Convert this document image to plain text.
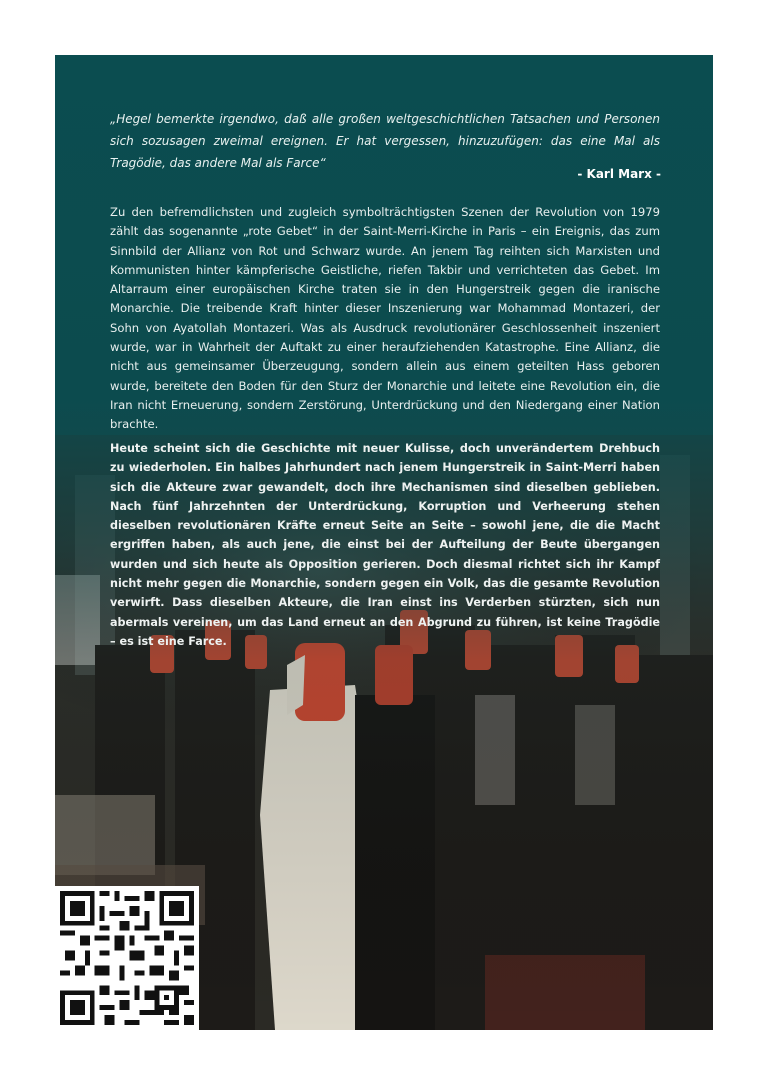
„Hegel bemerkte irgendwo, daß alle großen weltgeschichtlichen Tatsachen und Personen sich sozusagen zweimal ereignen. Er hat vergessen, hinzuzufügen: das eine Mal als Tragödie, das andere Mal als Farce“

- Karl Marx -

Zu den befremdlichsten und zugleich symbolträchtigsten Szenen der Revolution von 1979 zählt das sogenannte „rote Gebet“ in der Saint-Merri-Kirche in Paris – ein Ereignis, das zum Sinnbild der Allianz von Rot und Schwarz wurde. An jenem Tag reihten sich Marxisten und Kommunisten hinter kämpferische Geistliche, riefen Takbir und verrichteten das Gebet. Im Altarraum einer europäischen Kirche traten sie in den Hungerstreik gegen die iranische Monarchie. Die treibende Kraft hinter dieser Inszenierung war Mohammad Montazeri, der Sohn von Ayatollah Montazeri. Was als Ausdruck revolutionärer Geschlossenheit inszeniert wurde, war in Wahrheit der Auftakt zu einer heraufziehenden Katastrophe. Eine Allianz, die nicht aus gemeinsamer Überzeugung, sondern allein aus einem geteilten Hass geboren wurde, bereitete den Boden für den Sturz der Monarchie und leitete eine Revolution ein, die Iran nicht Erneuerung, sondern Zerstörung, Unterdrückung und den Niedergang einer Nation brachte.

Heute scheint sich die Geschichte mit neuer Kulisse, doch unverändertem Drehbuch zu wiederholen. Ein halbes Jahrhundert nach jenem Hungerstreik in Saint-Merri haben sich die Akteure zwar gewandelt, doch ihre Mechanismen sind dieselben geblieben. Nach fünf Jahrzehnten der Unterdrückung, Korruption und Verheerung stehen dieselben revolutionären Kräfte erneut Seite an Seite – sowohl jene, die die Macht ergriffen haben, als auch jene, die einst bei der Aufteilung der Beute übergangen wurden und sich heute als Opposition gerieren. Doch diesmal richtet sich ihr Kampf nicht mehr gegen die Monarchie, sondern gegen ein Volk, das die gesamte Revolution verwirft. Dass dieselben Akteure, die Iran einst ins Verderben stürzten, sich nun abermals vereinen, um das Land erneut an den Abgrund zu führen, ist keine Tragödie – es ist eine Farce.
